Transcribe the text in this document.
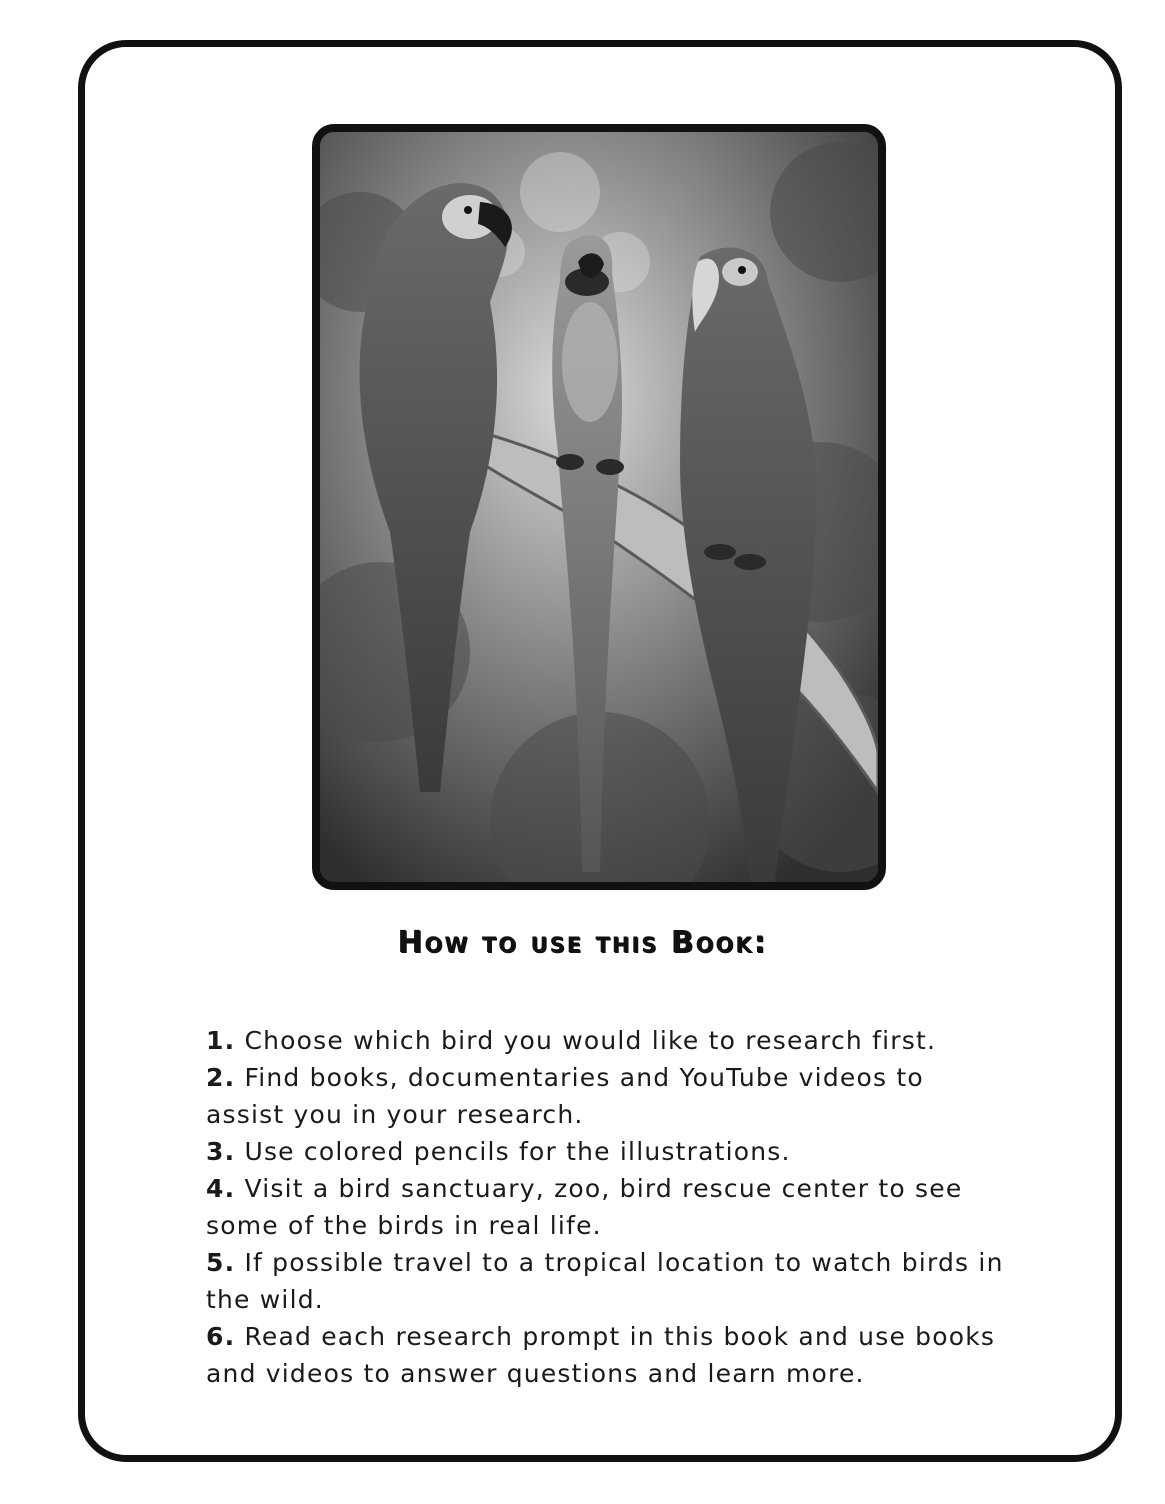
How to use this Book:
1. Choose which bird you would like to research first.
2. Find books, documentaries and YouTube videos to assist you in your research.
3. Use colored pencils for the illustrations.
4. Visit a bird sanctuary, zoo, bird rescue center to see some of the birds in real life.
5. If possible travel to a tropical location to watch birds in the wild.
6. Read each research prompt in this book and use books and videos to answer questions and learn more.
